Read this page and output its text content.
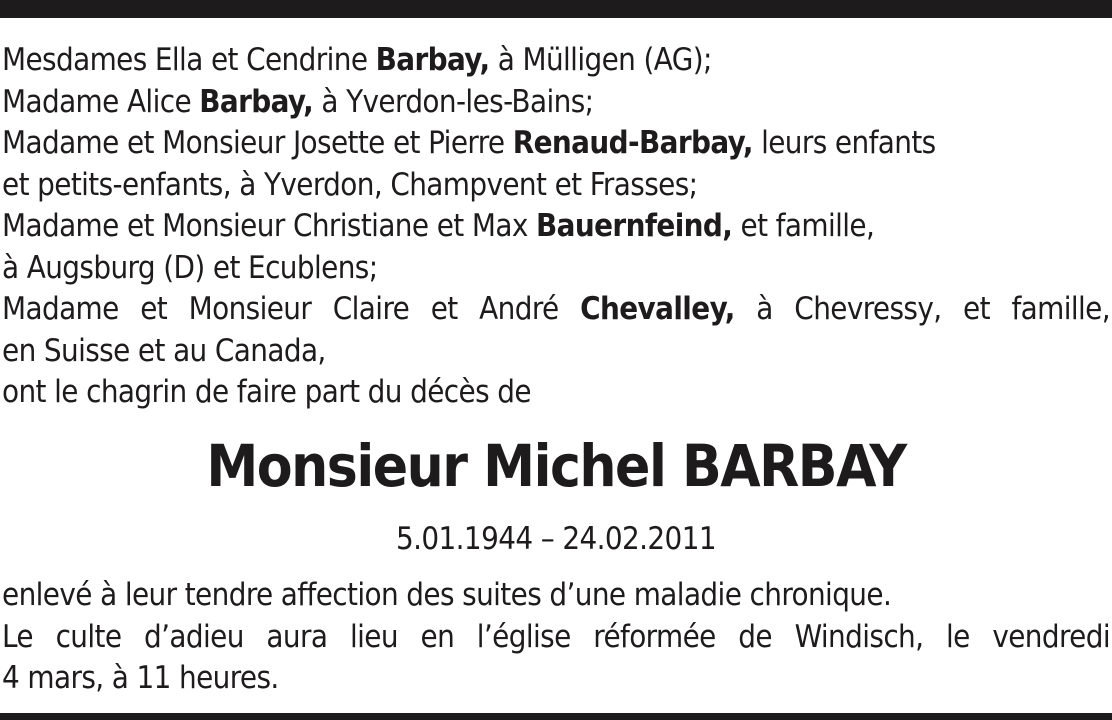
Mesdames Ella et Cendrine Barbay, à Mülligen (AG);
Madame Alice Barbay, à Yverdon-les-Bains;
Madame et Monsieur Josette et Pierre Renaud-Barbay, leurs enfants
et petits-enfants, à Yverdon, Champvent et Frasses;
Madame et Monsieur Christiane et Max Bauernfeind, et famille,
à Augsburg (D) et Ecublens;
Madame et Monsieur Claire et André Chevalley, à Chevressy, et famille,
en Suisse et au Canada,
ont le chagrin de faire part du décès de

Monsieur Michel BARBAY
5.01.1944 – 24.02.2011

enlevé à leur tendre affection des suites d’une maladie chronique.
Le culte d’adieu aura lieu en l’église réformée de Windisch, le vendredi
4 mars, à 11 heures.
